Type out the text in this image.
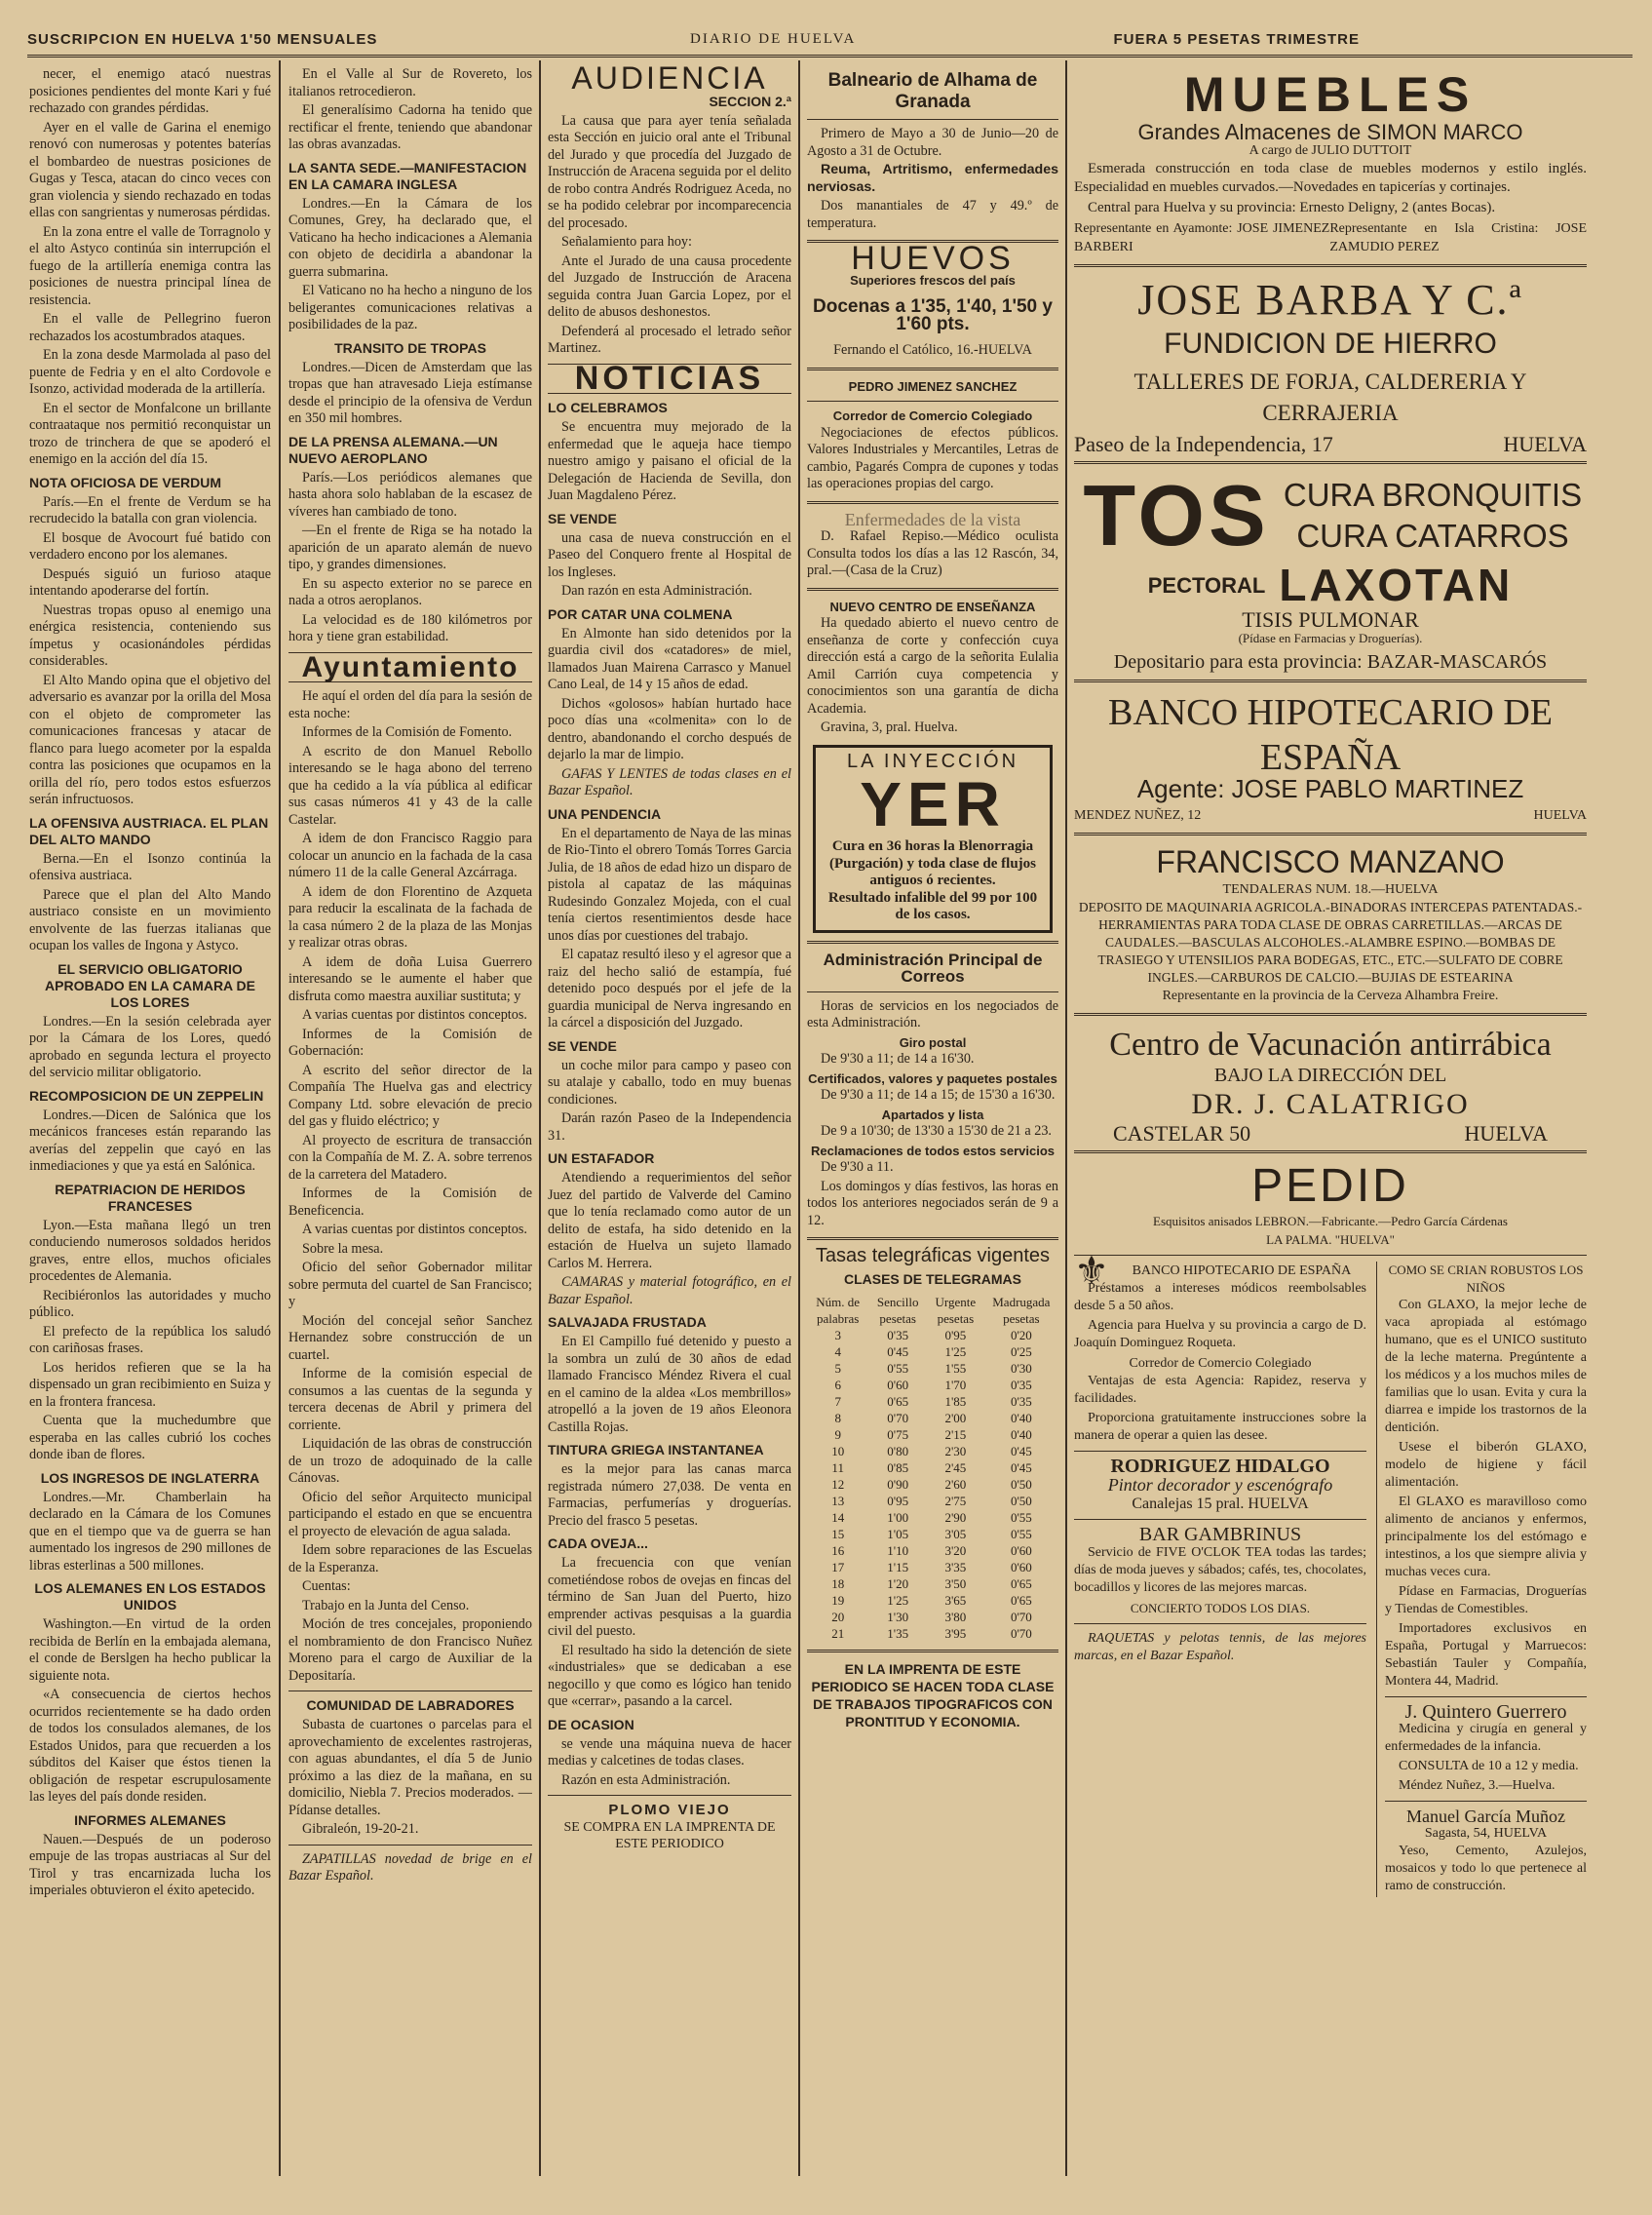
SUSCRIPCION EN HUELVA 1'50 MENSUALES	DIARIO DE HUELVA	FUERA 5 PESETAS TRIMESTRE

necer, el enemigo atacó nuestras posiciones pendientes del monte Kari y fué rechazado con grandes pérdidas.

Ayer en el valle de Garina el enemigo renovó con numerosas y potentes baterías el bombardeo de nuestras posiciones de Gugas y Tesca, atacan do cinco veces con gran violencia y siendo rechazado en todas ellas con sangrientas y numerosas pérdidas.

En la zona entre el valle de Torragnolo y el alto Astyco continúa sin interrupción el fuego de la artillería enemiga contra las posiciones de nuestra principal línea de resistencia.

En el valle de Pellegrino fueron rechazados los acostumbrados ataques.

En la zona desde Marmolada al paso del puente de Fedria y en el alto Cordovole e Isonzo, actividad moderada de la artillería.

En el sector de Monfalcone un brillante contraataque nos permitió reconquistar un trozo de trinchera de que se apoderó el enemigo en la acción del día 15.

NOTA OFICIOSA DE VERDUM

París.—En el frente de Verdum se ha recrudecido la batalla con gran violencia.

El bosque de Avocourt fué batido con verdadero encono por los alemanes.

Después siguió un furioso ataque intentando apoderarse del fortín.

Nuestras tropas opuso al enemigo una enérgica resistencia, conteniendo sus ímpetus y ocasionándoles pérdidas considerables.

El Alto Mando opina que el objetivo del adversario es avanzar por la orilla del Mosa con el objeto de comprometer las comunicaciones francesas y atacar de flanco para luego acometer por la espalda contra las posiciones que ocupamos en la orilla del río, pero todos estos esfuerzos serán infructuosos.

LA OFENSIVA AUSTRIACA. EL PLAN DEL ALTO MANDO

Berna.—En el Isonzo continúa la ofensiva austriaca.

Parece que el plan del Alto Mando austriaco consiste en un movimiento envolvente de las fuerzas italianas que ocupan los valles de Ingona y Astyco.

EL SERVICIO OBLIGATORIO APROBADO EN LA CAMARA DE LOS LORES

Londres.—En la sesión celebrada ayer por la Cámara de los Lores, quedó aprobado en segunda lectura el proyecto del servicio militar obligatorio.

RECOMPOSICION DE UN ZEPPELIN

Londres.—Dicen de Salónica que los mecánicos franceses están reparando las averías del zeppelin que cayó en las inmediaciones y que ya está en Salónica.

REPATRIACION DE HERIDOS FRANCESES

Lyon.—Esta mañana llegó un tren conduciendo numerosos soldados heridos graves, entre ellos, muchos oficiales procedentes de Alemania.

Recibiéronlos las autoridades y mucho público.

El prefecto de la república los saludó con cariñosas frases.

Los heridos refieren que se la ha dispensado un gran recibimiento en Suiza y en la frontera francesa.

Cuenta que la muchedumbre que esperaba en las calles cubrió los coches donde iban de flores.

LOS INGRESOS DE INGLATERRA

Londres.—Mr. Chamberlain ha declarado en la Cámara de los Comunes que en el tiempo que va de guerra se han aumentado los ingresos de 290 millones de libras esterlinas a 500 millones.

LOS ALEMANES EN LOS ESTADOS UNIDOS

Washington.—En virtud de la orden recibida de Berlín en la embajada alemana, el conde de Berslgen ha hecho publicar la siguiente nota.

«A consecuencia de ciertos hechos ocurridos recientemente se ha dado orden de todos los consulados alemanes, de los Estados Unidos, para que recuerden a los súbditos del Kaiser que éstos tienen la obligación de respetar escrupulosamente las leyes del país donde residen.

INFORMES ALEMANES

Nauen.—Después de un poderoso empuje de las tropas austriacas al Sur del Tirol y tras encarnizada lucha los imperiales obtuvieron el éxito apetecido.

En el Valle al Sur de Rovereto, los italianos retrocedieron.

El generalísimo Cadorna ha tenido que rectificar el frente, teniendo que abandonar las obras avanzadas.

LA SANTA SEDE.—MANIFESTACION EN LA CAMARA INGLESA

Londres.—En la Cámara de los Comunes, Grey, ha declarado que, el Vaticano ha hecho indicaciones a Alemania con objeto de decidirla a abandonar la guerra submarina.

El Vaticano no ha hecho a ninguno de los beligerantes comunicaciones relativas a posibilidades de la paz.

TRANSITO DE TROPAS

Londres.—Dicen de Amsterdam que las tropas que han atravesado Lieja estímanse desde el principio de la ofensiva de Verdun en 350 mil hombres.

DE LA PRENSA ALEMANA.—UN NUEVO AEROPLANO

París.—Los periódicos alemanes que hasta ahora solo hablaban de la escasez de víveres han cambiado de tono.

—En el frente de Riga se ha notado la aparición de un aparato alemán de nuevo tipo, y grandes dimensiones.

En su aspecto exterior no se parece en nada a otros aeroplanos.

La velocidad es de 180 kilómetros por hora y tiene gran estabilidad.

Ayuntamiento

He aquí el orden del día para la sesión de esta noche:

Informes de la Comisión de Fomento.

A escrito de don Manuel Rebollo interesando se le haga abono del terreno que ha cedido a la vía pública al edificar sus casas números 41 y 43 de la calle Castelar.

A idem de don Francisco Raggio para colocar un anuncio en la fachada de la casa número 11 de la calle General Azcárraga.

A idem de don Florentino de Azqueta para reducir la escalinata de la fachada de la casa número 2 de la plaza de las Monjas y realizar otras obras.

A idem de doña Luisa Guerrero interesando se le aumente el haber que disfruta como maestra auxiliar sustituta; y

A varias cuentas por distintos conceptos.

Informes de la Comisión de Gobernación:

A escrito del señor director de la Compañía The Huelva gas and electricy Company Ltd. sobre elevación de precio del gas y fluido eléctrico; y

Al proyecto de escritura de transacción con la Compañía de M. Z. A. sobre terrenos de la carretera del Matadero.

Informes de la Comisión de Beneficencia.

A varias cuentas por distintos conceptos.

Sobre la mesa.

Oficio del señor Gobernador militar sobre permuta del cuartel de San Francisco; y

Moción del concejal señor Sanchez Hernandez sobre construcción de un cuartel.

Informe de la comisión especial de consumos a las cuentas de la segunda y tercera decenas de Abril y primera del corriente.

Liquidación de las obras de construcción de un trozo de adoquinado de la calle Cánovas.

Oficio del señor Arquitecto municipal participando el estado en que se encuentra el proyecto de elevación de agua salada.

Idem sobre reparaciones de las Escuelas de la Esperanza.

Cuentas:

Trabajo en la Junta del Censo.

Moción de tres concejales, proponiendo el nombramiento de don Francisco Nuñez Moreno para el cargo de Auxiliar de la Depositaría.

COMUNIDAD DE LABRADORES

Subasta de cuartones o parcelas para el aprovechamiento de excelentes rastrojeras, con aguas abundantes, el día 5 de Junio próximo a las diez de la mañana, en su domicilio, Niebla 7. Precios moderados. —Pídanse detalles.

Gibraleón, 19-20-21.

ZAPATILLAS novedad de brige en el Bazar Español.

AUDIENCIA
SECCION 2.ª

La causa que para ayer tenía señalada esta Sección en juicio oral ante el Tribunal del Jurado y que procedía del Juzgado de Instrucción de Aracena seguida por el delito de robo contra Andrés Rodriguez Aceda, no se ha podido celebrar por incomparecencia del procesado.

Señalamiento para hoy:

Ante el Jurado de una causa procedente del Juzgado de Instrucción de Aracena seguida contra Juan Garcia Lopez, por el delito de abusos deshonestos.

Defenderá al procesado el letrado señor Martinez.

NOTICIAS
LO CELEBRAMOS

Se encuentra muy mejorado de la enfermedad que le aqueja hace tiempo nuestro amigo y paisano el oficial de la Delegación de Hacienda de Sevilla, don Juan Magdaleno Pérez.

SE VENDE

una casa de nueva construcción en el Paseo del Conquero frente al Hospital de los Ingleses.

Dan razón en esta Administración.

POR CATAR UNA COLMENA

En Almonte han sido detenidos por la guardia civil dos «catadores» de miel, llamados Juan Mairena Carrasco y Manuel Cano Leal, de 14 y 15 años de edad.

Dichos «golosos» habían hurtado hace poco días una «colmenita» con lo de dentro, abandonando el corcho después de dejarlo la mar de limpio.

GAFAS Y LENTES de todas clases en el Bazar Español.

UNA PENDENCIA

En el departamento de Naya de las minas de Rio-Tinto el obrero Tomás Torres Garcia Julia, de 18 años de edad hizo un disparo de pistola al capataz de las máquinas Rudesindo Gonzalez Mojeda, con el cual tenía ciertos resentimientos desde hace unos días por cuestiones del trabajo.

El capataz resultó ileso y el agresor que a raiz del hecho salió de estampía, fué detenido poco después por el jefe de la guardia municipal de Nerva ingresando en la cárcel a disposición del Juzgado.

SE VENDE

un coche milor para campo y paseo con su atalaje y caballo, todo en muy buenas condiciones.

Darán razón Paseo de la Independencia 31.

UN ESTAFADOR

Atendiendo a requerimientos del señor Juez del partido de Valverde del Camino que lo tenía reclamado como autor de un delito de estafa, ha sido detenido en la estación de Huelva un sujeto llamado Carlos M. Herrera.

CAMARAS y material fotográfico, en el Bazar Español.

SALVAJADA FRUSTADA

En El Campillo fué detenido y puesto a la sombra un zulú de 30 años de edad llamado Francisco Méndez Rivera el cual en el camino de la aldea «Los membrillos» atropelló a la joven de 19 años Eleonora Castilla Rojas.

TINTURA GRIEGA INSTANTANEA

es la mejor para las canas marca registrada número 27,038. De venta en Farmacias, perfumerías y droguerías. Precio del frasco 5 pesetas.

CADA OVEJA...

La frecuencia con que venían cometiéndose robos de ovejas en fincas del término de San Juan del Puerto, hizo emprender activas pesquisas a la guardia civil del puesto.

El resultado ha sido la detención de siete «industriales» que se dedicaban a ese negocillo y que como es lógico han tenido que «cerrar», pasando a la carcel.

DE OCASION

se vende una máquina nueva de hacer medias y calcetines de todas clases.

Razón en esta Administración.

PLOMO VIEJO
SE COMPRA EN LA IMPRENTA DE ESTE PERIODICO
Balneario de Alhama de Granada

Primero de Mayo a 30 de Junio—20 de Agosto a 31 de Octubre.

Reuma, Artritismo, enfermedades nerviosas.

Dos manantiales de 47 y 49.º de temperatura.

HUEVOS
Superiores frescos del país
Docenas a 1'35, 1'40, 1'50 y 1'60 pts.
Fernando el Católico, 16.-HUELVA
PEDRO JIMENEZ SANCHEZ
Corredor de Comercio Colegiado

Negociaciones de efectos públicos. Valores Industriales y Mercantiles, Letras de cambio, Pagarés Compra de cupones y todas las operaciones propias del cargo.

Enfermedades de la vista

D. Rafael Repiso.—Médico oculista Consulta todos los días a las 12 Rascón, 34, pral.—(Casa de la Cruz)

NUEVO CENTRO DE ENSEÑANZA

Ha quedado abierto el nuevo centro de enseñanza de corte y confección cuya dirección está a cargo de la señorita Eulalia Amil Carrión cuya competencia y conocimientos son una garantía de dicha Academia.

Gravina, 3, pral. Huelva.

LA INYECCIÓN
YER
Cura en 36 horas la Blenorragia (Purgación) y toda clase de flujos antiguos ó recientes.
Resultado infalible del 99 por 100 de los casos.
Administración Principal de Correos

Horas de servicios en los negociados de esta Administración.

Giro postal

De 9'30 a 11; de 14 a 16'30.

Certificados, valores y paquetes postales

De 9'30 a 11; de 14 a 15; de 15'30 a 16'30.

Apartados y lista

De 9 a 10'30; de 13'30 a 15'30 de 21 a 23.

Reclamaciones de todos estos servicios

De 9'30 a 11.

Los domingos y días festivos, las horas en todos los anteriores negociados serán de 9 a 12.

Tasas telegráficas vigentes
CLASES DE TELEGRAMAS
Núm. de palabras	Sencillo pesetas	Urgente pesetas	Madrugada pesetas
3	0'35	0'95	0'20
4	0'45	1'25	0'25
5	0'55	1'55	0'30
6	0'60	1'70	0'35
7	0'65	1'85	0'35
8	0'70	2'00	0'40
9	0'75	2'15	0'40
10	0'80	2'30	0'45
11	0'85	2'45	0'45
12	0'90	2'60	0'50
13	0'95	2'75	0'50
14	1'00	2'90	0'55
15	1'05	3'05	0'55
16	1'10	3'20	0'60
17	1'15	3'35	0'60
18	1'20	3'50	0'65
19	1'25	3'65	0'65
20	1'30	3'80	0'70
21	1'35	3'95	0'70
EN LA IMPRENTA DE ESTE PERIODICO SE HACEN TODA CLASE DE TRABAJOS TIPOGRAFICOS CON PRONTITUD Y ECONOMIA.
MUEBLES
Grandes Almacenes de SIMON MARCO
A cargo de JULIO DUTTOIT

Esmerada construcción en toda clase de muebles modernos y estilo inglés. Especialidad en muebles curvados.—Novedades en tapicerías y cortinajes.

Central para Huelva y su provincia: Ernesto Deligny, 2 (antes Bocas).

Representante en Ayamonte: JOSE JIMENEZ BARBERI
Representante en Isla Cristina: JOSE ZAMUDIO PEREZ
JOSE BARBA Y C.ª
FUNDICION DE HIERRO
TALLERES DE FORJA, CALDERERIA Y CERRAJERIA
Paseo de la Independencia, 17	HUELVA
TOS CURA BRONQUITIS
CURA CATARROS
PECTORAL LAXOTAN
TISIS PULMONAR
(Pídase en Farmacias y Droguerías).
Depositario para esta provincia: BAZAR-MASCARÓS
BANCO HIPOTECARIO DE ESPAÑA
Agente: JOSE PABLO MARTINEZ
MENDEZ NUÑEZ, 12	HUELVA
FRANCISCO MANZANO
TENDALERAS NUM. 18.—HUELVA
DEPOSITO DE MAQUINARIA AGRICOLA.-BINADORAS INTERCEPAS PATENTADAS.-HERRAMIENTAS PARA TODA CLASE DE OBRAS CARRETILLAS.—ARCAS DE CAUDALES.—BASCULAS ALCOHOLES.-ALAMBRE ESPINO.—BOMBAS DE TRASIEGO Y UTENSILIOS PARA BODEGAS, ETC., ETC.—SULFATO DE COBRE INGLES.—CARBUROS DE CALCIO.—BUJIAS DE ESTEARINA
Representante en la provincia de la Cerveza Alhambra Freire.
Centro de Vacunación antirrábica
BAJO LA DIRECCIÓN DEL
DR. J. CALATRIGO
CASTELAR 50	HUELVA
PEDID
Esquisitos anisados LEBRON.—Fabricante.—Pedro García Cárdenas
LA PALMA. "HUELVA"
⚜	BANCO HIPOTECARIO DE ESPAÑA

Préstamos a intereses módicos reembolsables desde 5 a 50 años.

Agencia para Huelva y su provincia a cargo de D. Joaquín Dominguez Roqueta.

Corredor de Comercio Colegiado

Ventajas de esta Agencia: Rapidez, reserva y facilidades.

Proporciona gratuitamente instrucciones sobre la manera de operar a quien las desee.

RODRIGUEZ HIDALGO
Pintor decorador y escenógrafo
Canalejas 15 pral. HUELVA
BAR GAMBRINUS

Servicio de FIVE O'CLOK TEA todas las tardes; días de moda jueves y sábados; cafés, tes, chocolates, bocadillos y licores de las mejores marcas.

CONCIERTO TODOS LOS DIAS.

RAQUETAS y pelotas tennis, de las mejores marcas, en el Bazar Español.

COMO SE CRIAN ROBUSTOS LOS NIÑOS

Con GLAXO, la mejor leche de vaca apropiada al estómago humano, que es el UNICO sustituto de la leche materna. Pregúntente a los médicos y a los muchos miles de familias que lo usan. Evita y cura la diarrea e impide los trastornos de la dentición.

Usese el biberón GLAXO, modelo de higiene y fácil alimentación.

El GLAXO es maravilloso como alimento de ancianos y enfermos, principalmente los del estómago e intestinos, a los que siempre alivia y muchas veces cura.

Pídase en Farmacias, Droguerías y Tiendas de Comestibles.

Importadores exclusivos en España, Portugal y Marruecos: Sebastián Tauler y Compañía, Montera 44, Madrid.

J. Quintero Guerrero

Medicina y cirugía en general y enfermedades de la infancia.

CONSULTA de 10 a 12 y media.

Méndez Nuñez, 3.—Huelva.

Manuel García Muñoz
Sagasta, 54, HUELVA

Yeso, Cemento, Azulejos, mosaicos y todo lo que pertenece al ramo de construcción.
